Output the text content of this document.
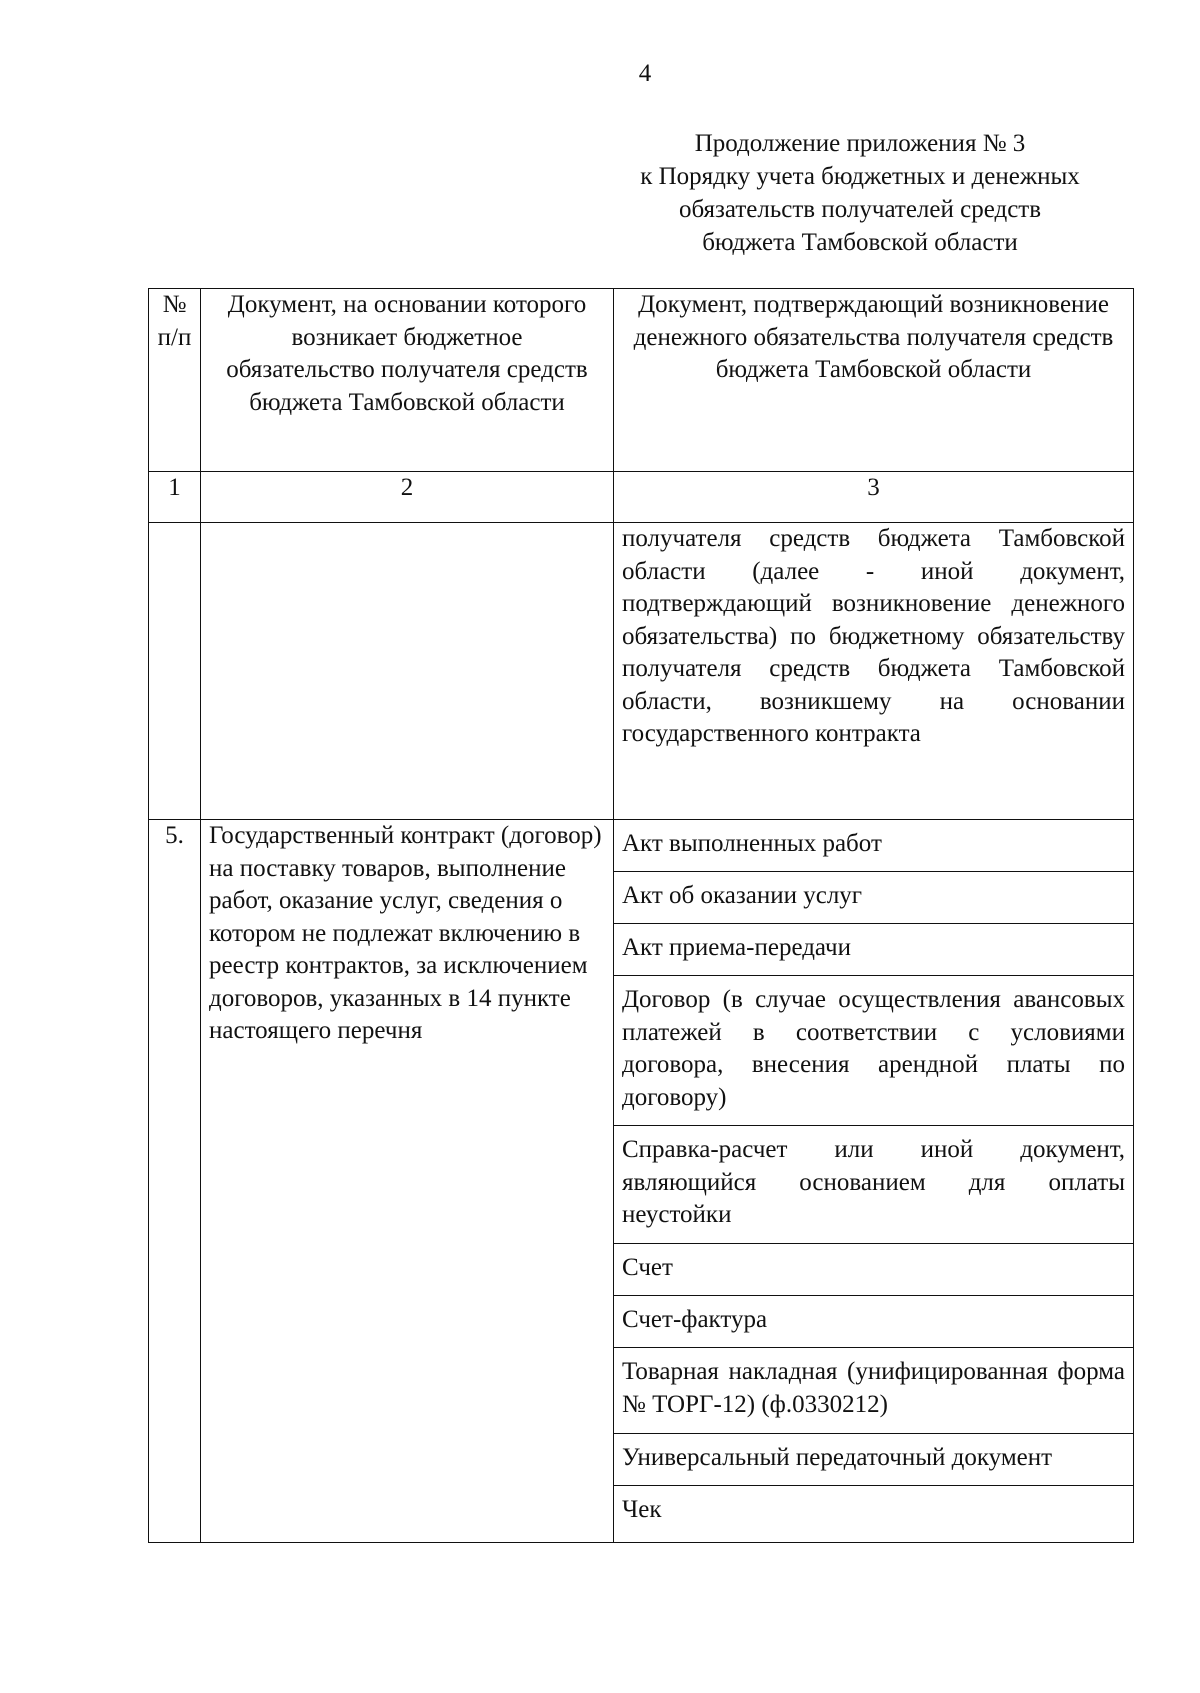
4
Продолжение приложения № 3
к Порядку учета бюджетных и денежных
обязательств получателей средств
бюджета Тамбовской области
№ п/п	Документ, на основании которого возникает бюджетное обязательство получателя средств бюджета Тамбовской области	Документ, подтверждающий возникновение денежного обязательства получателя средств бюджета Тамбовской области
1	2	3
		получателя средств бюджета Тамбовской области (далее - иной документ, подтверждающий возникновение денежного обязательства) по бюджетному обязательству получателя средств бюджета Тамбовской области, возникшему на основании государственного контракта
5.	Государственный контракт (договор) на поставку товаров, выполнение работ, оказание услуг, сведения о котором не подлежат включению в реестр контрактов, за исключением договоров, указанных в 14 пункте настоящего перечня	Акт выполненных работ
		Акт об оказании услуг
		Акт приема-передачи
		Договор (в случае осуществления авансовых платежей в соответствии с условиями договора, внесения арендной платы по договору)
		Справка-расчет или иной документ, являющийся основанием для оплаты неустойки
		Счет
		Счет-фактура
		Товарная накладная (унифицированная форма № ТОРГ-12) (ф.0330212)
		Универсальный передаточный документ
		Чек
